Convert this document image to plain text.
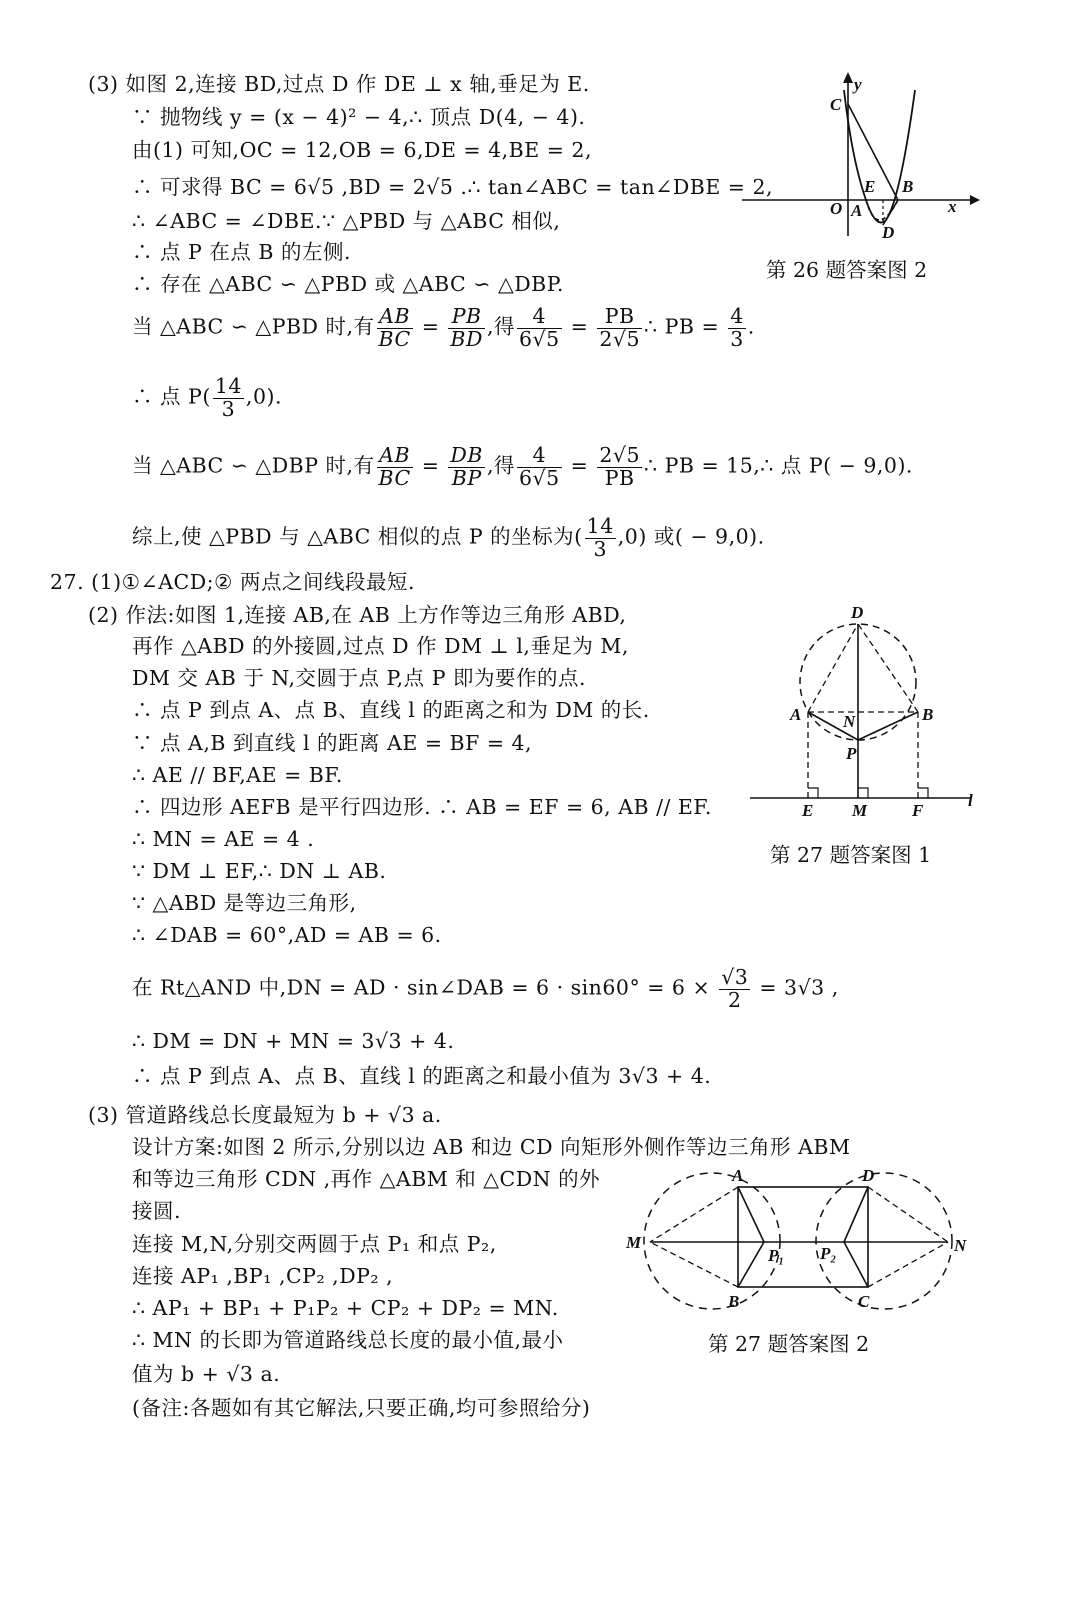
(3) 如图 2,连接 BD,过点 D 作 DE ⊥ x 轴,垂足为 E.
∵ 抛物线 y = (x − 4)² − 4,∴ 顶点 D(4, − 4).
由(1) 可知,OC = 12,OB = 6,DE = 4,BE = 2,
∴ 可求得 BC = 6√5 ,BD = 2√5 .∴ tan∠ABC = tan∠DBE = 2,
∴ ∠ABC = ∠DBE.∵ △PBD 与 △ABC 相似,
∴ 点 P 在点 B 的左侧.
∴ 存在 △ABC ∽ △PBD 或 △ABC ∽ △DBP.
当 △ABC ∽ △PBD 时,有 $\frac{AB}{BC} = \frac{PB}{BD}$ ,得 $\frac{4}{6√5} = \frac{PB}{2√5}$ ∴ PB = $\frac{4}{3}$ .
∴ 点 $P( \frac{14}{3} ,0)$.
当 △ABC ∽ △DBP 时,有 $\frac{AB}{BC} = \frac{DB}{BP}$ ,得 $\frac{4}{6√5} = \frac{2√5}{PB}$ ∴ PB = 15,∴ 点 P( − 9,0).
综上,使 △PBD 与 △ABC 相似的点 P 的坐标为( $\frac{14}{3} ,0$) 或( − 9,0).
y
C
E B
O A	x
D
第 26 题答案图 2
27. (1)①∠ACD;② 两点之间线段最短.
(2) 作法:如图 1,连接 AB,在 AB 上方作等边三角形 ABD,
再作 △ABD 的外接圆,过点 D 作 DM ⊥ l,垂足为 M,
DM 交 AB 于 N,交圆于点 P,点 P 即为要作的点.
∴ 点 P 到点 A、点 B、直线 l 的距离之和为 DM 的长.
∵ 点 A,B 到直线 l 的距离 AE = BF = 4,
∴ AE // BF,AE = BF.
∴ 四边形 AEFB 是平行四边形. ∴ AB = EF = 6, AB // EF.
∴ MN = AE = 4 .
∵ DM ⊥ EF,∴ DN ⊥ AB.
∵ △ABD 是等边三角形,
∴ ∠DAB = 60°,AD = AB = 6.
在 Rt△AND 中,DN = AD · sin∠DAB = $6 \cdot \sin 60^\circ = 6 \times \frac{√3}{2} = 3√3$ ,
∴ DM = DN + MN = 3√3 + 4.
∴ 点 P 到点 A、点 B、直线 l 的距离之和最小值为 3√3 + 4.
(3) 管道路线总长度最短为 b + √3 a.
设计方案:如图 2 所示,分别以边 AB 和边 CD 向矩形外侧作等边三角形 ABM
和等边三角形 CDN ,再作 △ABM 和 △CDN 的外
接圆.
连接 M,N,分别交两圆于点 P₁ 和点 P₂,
连接 AP₁ ,BP₁ ,CP₂ ,DP₂ ,
∴ AP₁ + BP₁ + P₁P₂ + CP₂ + DP₂ = MN.
∴ MN 的长即为管道路线总长度的最小值,最小
值为 b + √3 a.
(备注:各题如有其它解法,只要正确,均可参照给分)
D
A N	B
P
E M	F
l
第 27 题答案图 1
A	D
M	N
P₁ P₂
B	C
第 27 题答案图 2
